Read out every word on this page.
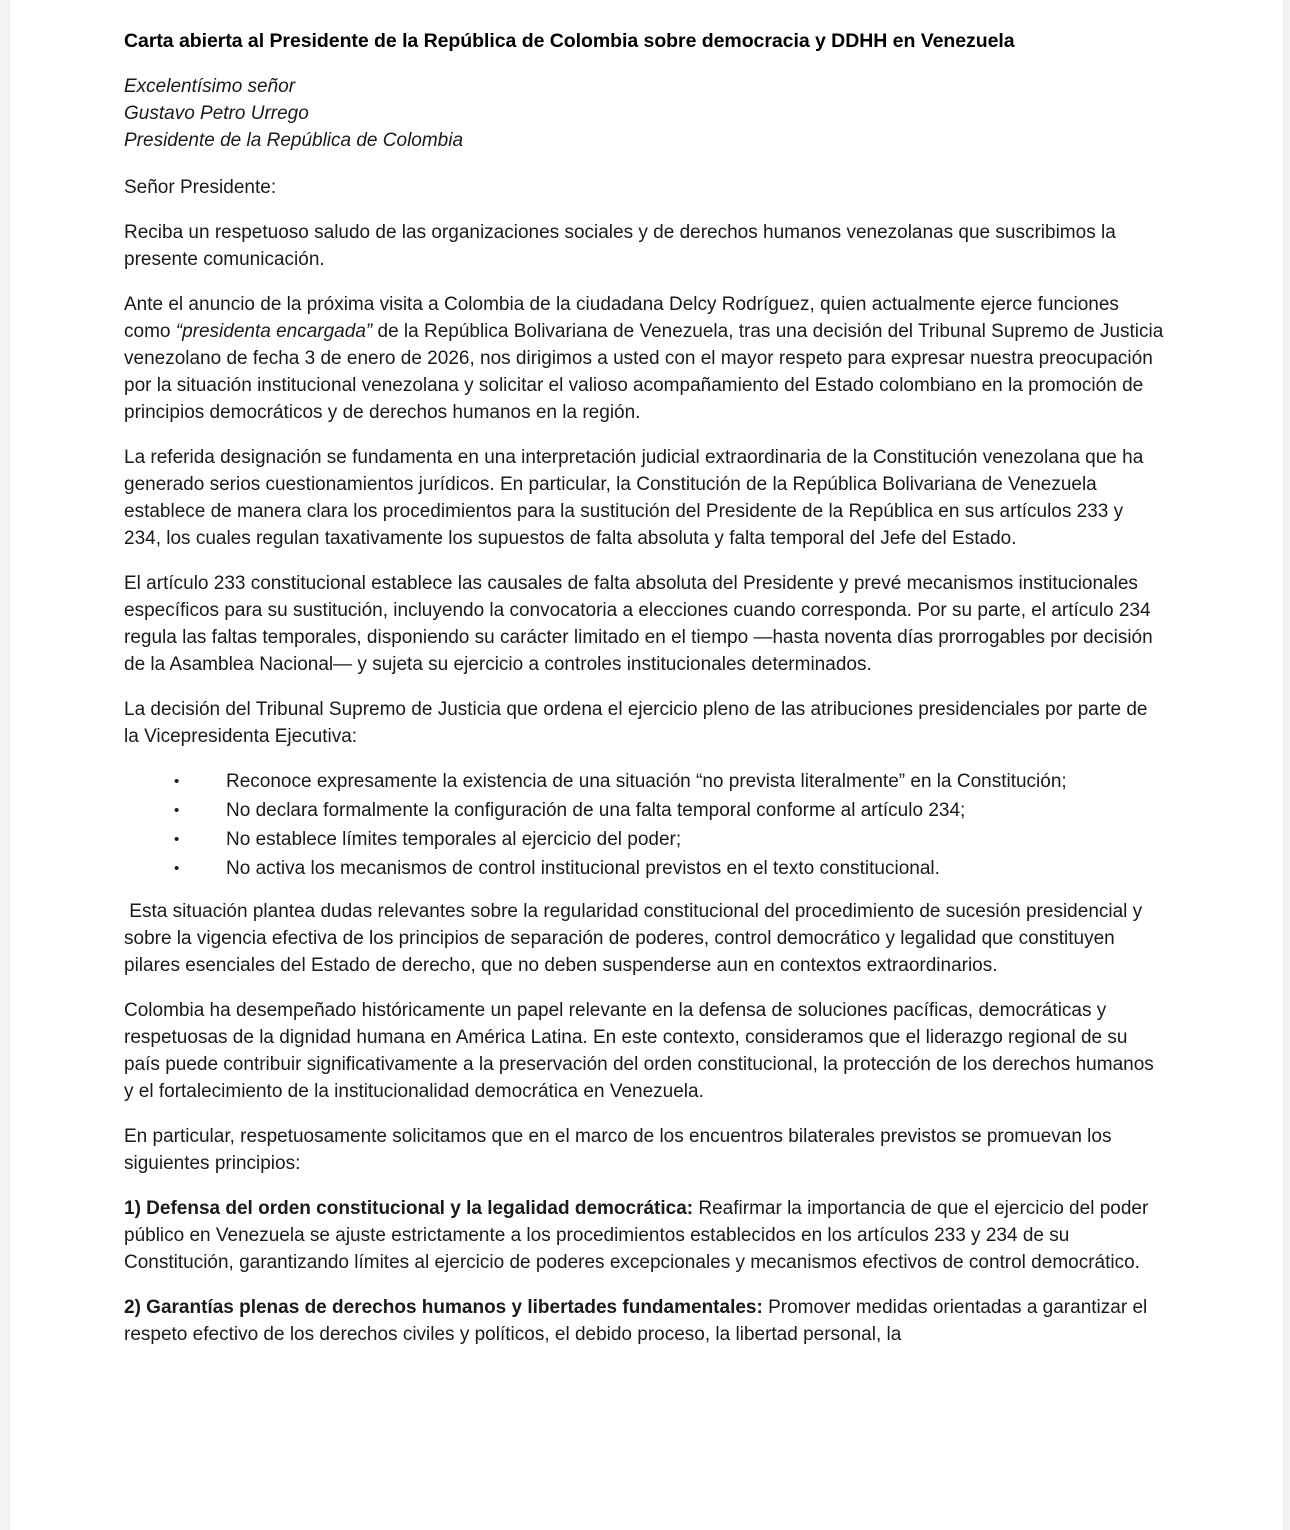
Carta abierta al Presidente de la República de Colombia sobre democracia y DDHH en Venezuela
Excelentísimo señor
Gustavo Petro Urrego
Presidente de la República de Colombia

Señor Presidente:

Reciba un respetuoso saludo de las organizaciones sociales y de derechos humanos venezolanas que suscribimos la presente comunicación.

Ante el anuncio de la próxima visita a Colombia de la ciudadana Delcy Rodríguez, quien actualmente ejerce funciones como “presidenta encargada” de la República Bolivariana de Venezuela, tras una decisión del Tribunal Supremo de Justicia venezolano de fecha 3 de enero de 2026, nos dirigimos a usted con el mayor respeto para expresar nuestra preocupación por la situación institucional venezolana y solicitar el valioso acompañamiento del Estado colombiano en la promoción de principios democráticos y de derechos humanos en la región.

La referida designación se fundamenta en una interpretación judicial extraordinaria de la Constitución venezolana que ha generado serios cuestionamientos jurídicos. En particular, la Constitución de la República Bolivariana de Venezuela establece de manera clara los procedimientos para la sustitución del Presidente de la República en sus artículos 233 y 234, los cuales regulan taxativamente los supuestos de falta absoluta y falta temporal del Jefe del Estado.

El artículo 233 constitucional establece las causales de falta absoluta del Presidente y prevé mecanismos institucionales específicos para su sustitución, incluyendo la convocatoria a elecciones cuando corresponda. Por su parte, el artículo 234 regula las faltas temporales, disponiendo su carácter limitado en el tiempo —hasta noventa días prorrogables por decisión de la Asamblea Nacional— y sujeta su ejercicio a controles institucionales determinados.

La decisión del Tribunal Supremo de Justicia que ordena el ejercicio pleno de las atribuciones presidenciales por parte de la Vicepresidenta Ejecutiva:

• Reconoce expresamente la existencia de una situación “no prevista literalmente” en la Constitución;
• No declara formalmente la configuración de una falta temporal conforme al artículo 234;
• No establece límites temporales al ejercicio del poder;
• No activa los mecanismos de control institucional previstos en el texto constitucional.

Esta situación plantea dudas relevantes sobre la regularidad constitucional del procedimiento de sucesión presidencial y sobre la vigencia efectiva de los principios de separación de poderes, control democrático y legalidad que constituyen pilares esenciales del Estado de derecho, que no deben suspenderse aun en contextos extraordinarios.

Colombia ha desempeñado históricamente un papel relevante en la defensa de soluciones pacíficas, democráticas y respetuosas de la dignidad humana en América Latina. En este contexto, consideramos que el liderazgo regional de su país puede contribuir significativamente a la preservación del orden constitucional, la protección de los derechos humanos y el fortalecimiento de la institucionalidad democrática en Venezuela.

En particular, respetuosamente solicitamos que en el marco de los encuentros bilaterales previstos se promuevan los siguientes principios:

1) Defensa del orden constitucional y la legalidad democrática: Reafirmar la importancia de que el ejercicio del poder público en Venezuela se ajuste estrictamente a los procedimientos establecidos en los artículos 233 y 234 de su Constitución, garantizando límites al ejercicio de poderes excepcionales y mecanismos efectivos de control democrático.

2) Garantías plenas de derechos humanos y libertades fundamentales: Promover medidas orientadas a garantizar el respeto efectivo de los derechos civiles y políticos, el debido proceso, la libertad personal, la
